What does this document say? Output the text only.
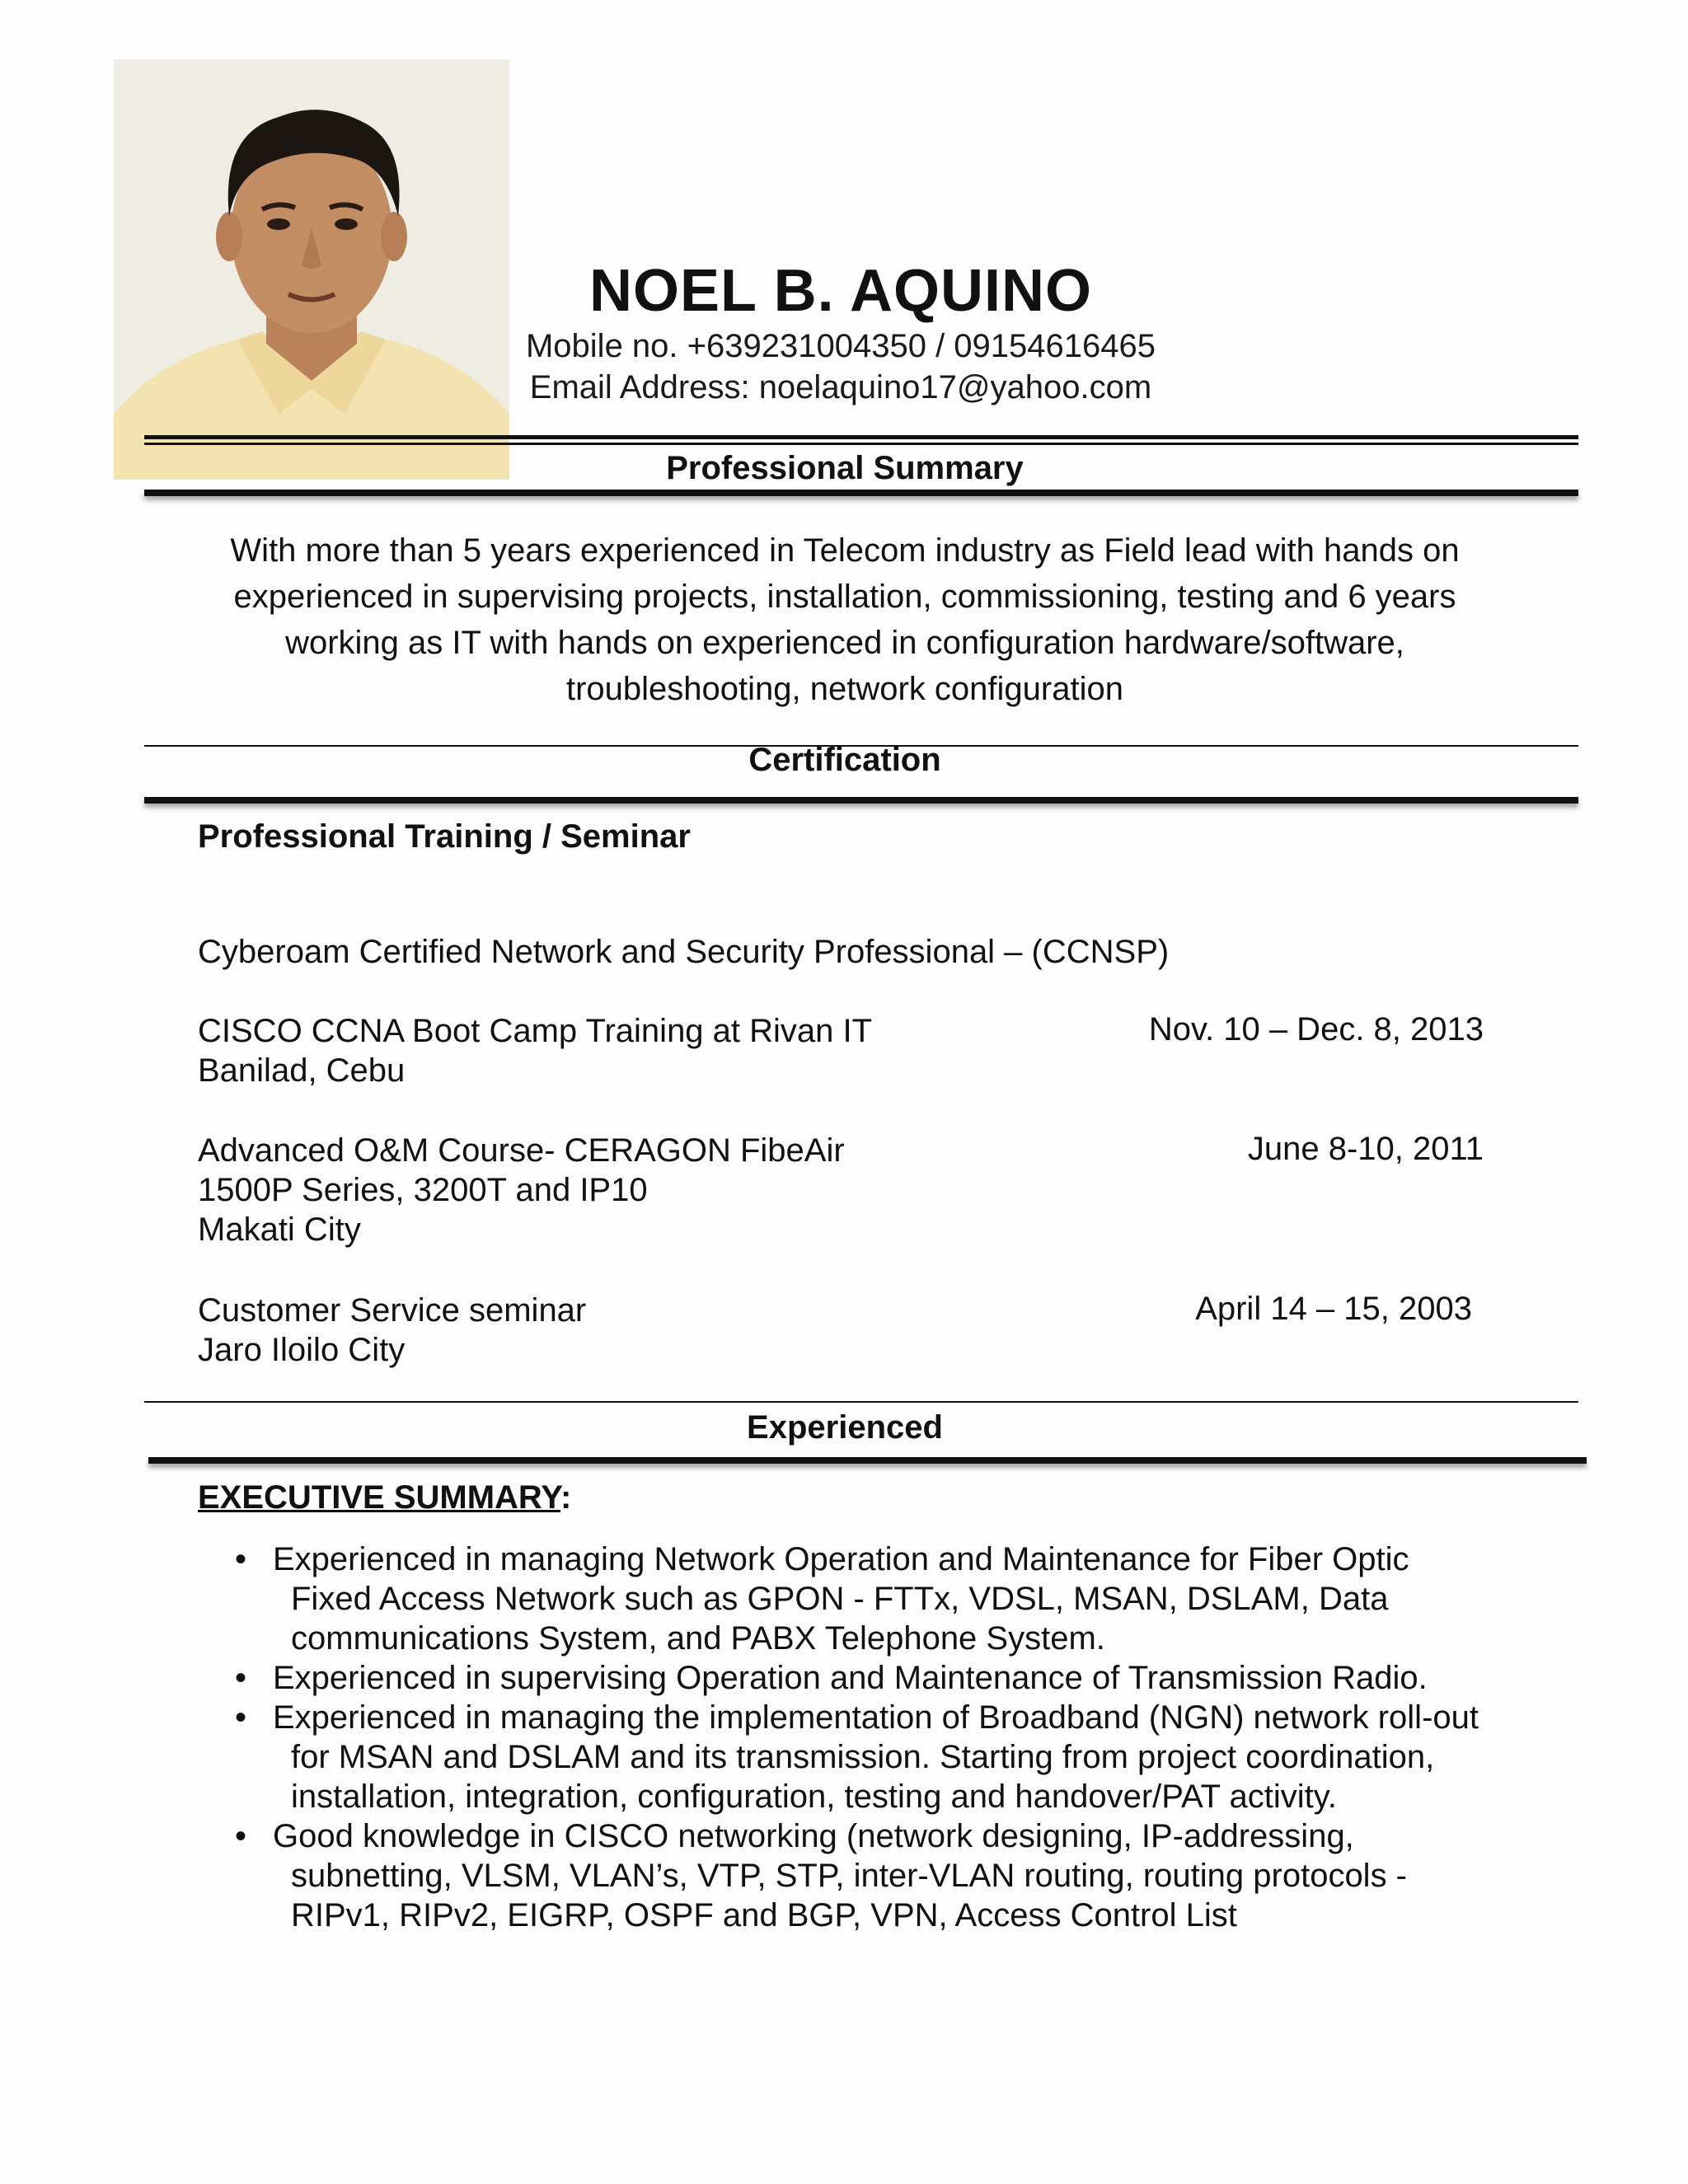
NOEL B. AQUINO
Mobile no. +639231004350 / 09154616465
Email Address: noelaquino17@yahoo.com
Professional Summary
With more than 5 years experienced in Telecom industry as Field lead with hands on
experienced in supervising projects, installation, commissioning, testing and 6 years
working as IT with hands on experienced in configuration hardware/software,
troubleshooting, network configuration
Certification
Professional Training / Seminar
Cyberoam Certified Network and Security Professional – (CCNSP)
CISCO CCNA Boot Camp Training at Rivan IT
Banilad, Cebu
Nov. 10 – Dec. 8, 2013
Advanced O&M Course- CERAGON FibeAir
1500P Series, 3200T and IP10
Makati City
June 8-10, 2011
Customer Service seminar
Jaro Iloilo City
April 14 – 15, 2003
Experienced
EXECUTIVE SUMMARY:
• Experienced in managing Network Operation and Maintenance for Fiber Optic
Fixed Access Network such as GPON - FTTx, VDSL, MSAN, DSLAM, Data
communications System, and PABX Telephone System.
• Experienced in supervising Operation and Maintenance of Transmission Radio.
• Experienced in managing the implementation of Broadband (NGN) network roll-out
for MSAN and DSLAM and its transmission. Starting from project coordination,
installation, integration, configuration, testing and handover/PAT activity.
• Good knowledge in CISCO networking (network designing, IP-addressing,
subnetting, VLSM, VLAN’s, VTP, STP, inter-VLAN routing, routing protocols -
RIPv1, RIPv2, EIGRP, OSPF and BGP, VPN, Access Control List
